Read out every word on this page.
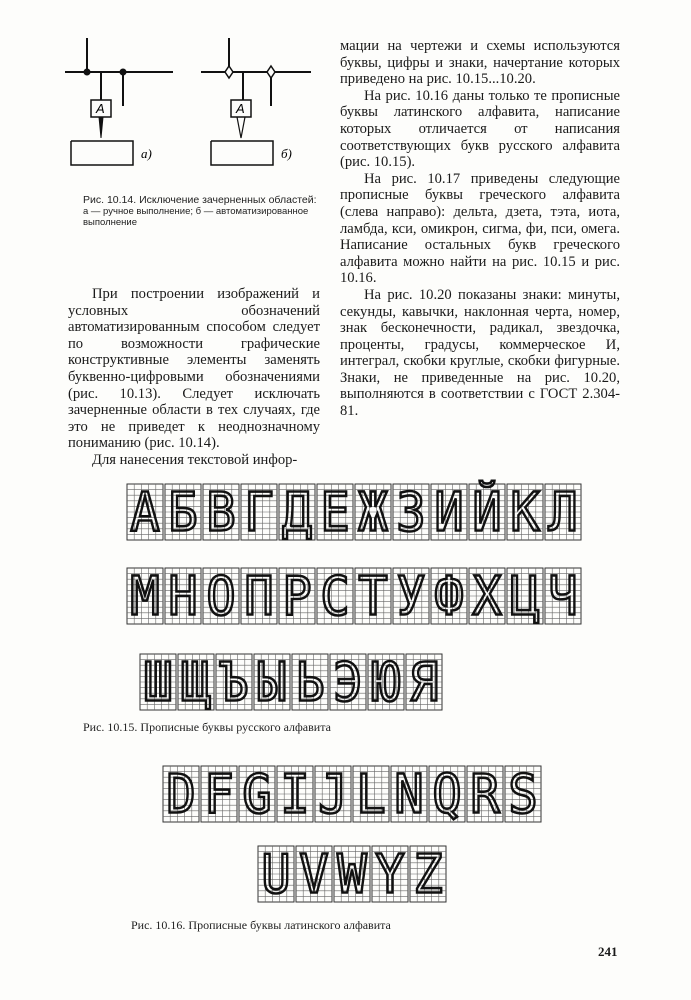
A	A
а)	б)
Рис. 10.14. Исключение зачерненных областей:
а — ручное выполнение; б — автоматизированное выполнение

При построении изображений и условных обозначений автоматизированным способом следует по возможности графические конструктивные элементы заменять буквенно-цифровыми обозначениями (рис. 10.13). Следует исключать зачерненные области в тех случаях, где это не приведет к неоднозначному пониманию (рис. 10.14).

Для нанесения текстовой инфор-

мации на чертежи и схемы используются буквы, цифры и знаки, начертание которых приведено на рис. 10.15...10.20.

На рис. 10.16 даны только те прописные буквы латинского алфавита, написание которых отличается от написания соответствующих букв русского алфавита (рис. 10.15).

На рис. 10.17 приведены следующие прописные буквы греческого алфавита (слева направо): дельта, дзета, тэта, иота, ламбда, кси, омикрон, сигма, фи, пси, омега. Написание остальных букв греческого алфавита можно найти на рис. 10.15 и рис. 10.16.

На рис. 10.20 показаны знаки: минуты, секунды, кавычки, наклонная черта, номер, знак бесконечности, радикал, звездочка, проценты, градусы, коммерческое И, интеграл, скобки круглые, скобки фигурные. Знаки, не приведенные на рис. 10.20, выполняются в соответствии с ГОСТ 2.304-81.

А Б В Г Д Е Ж З И Й К Л
М Н О П Р С Т У Ф Х Ц Ч
Ш Щ Ъ Ы Ь Э Ю Я
Рис. 10.15. Прописные буквы русского алфавита
D F G I J L N Q R S
U V W Y Z
Рис. 10.16. Прописные буквы латинского алфавита
241
